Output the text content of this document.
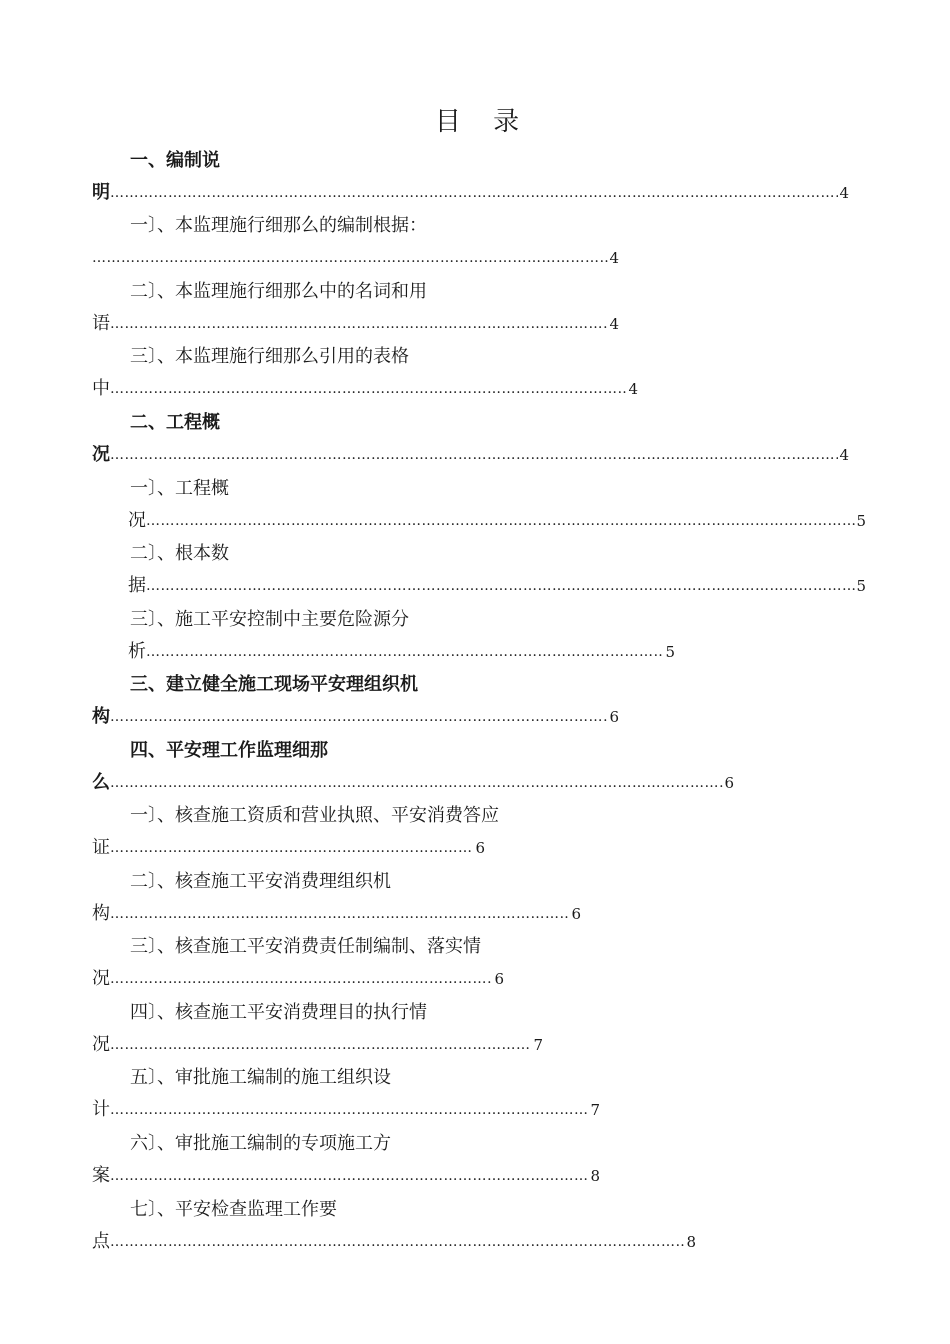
目 录
一、编制说
明 ………………………………………………………………………………………………………………………………………………………………………………………………………………………………………	4
一〕、本监理施行细那么的编制根据：
………………………………………………………………………………………………………………………………………………………………………………………………………………………………………
4
二〕、本监理施行细那么中的名词和用
语 ………………………………………………………………………………………………………………………………………………………………………………………………………………………………………	4
三〕、本监理施行细那么引用的表格
中 ………………………………………………………………………………………………………………………………………………………………………………………………………………………………………	4
二、工程概
况 ………………………………………………………………………………………………………………………………………………………………………………………………………………………………………	4
一〕、工程概
况 ………………………………………………………………………………………………………………………………………………………………………………………………………………………………………	5
二〕、根本数
据 ………………………………………………………………………………………………………………………………………………………………………………………………………………………………………	5
三〕、施工平安控制中主要危险源分
析 ………………………………………………………………………………………………………………………………………………………………………………………………………………………………………	5
三、建立健全施工现场平安理组织机
构 ………………………………………………………………………………………………………………………………………………………………………………………………………………………………………	6
四、平安理工作监理细那
么 ………………………………………………………………………………………………………………………………………………………………………………………………………………………………………	6
一〕、核查施工资质和营业执照、平安消费答应
证 ………………………………………………………………………………………………………………………………………………………………………………………………………………………………………	6
二〕、核查施工平安消费理组织机
构 ………………………………………………………………………………………………………………………………………………………………………………………………………………………………………	6
三〕、核查施工平安消费责任制编制、落实情
况 ………………………………………………………………………………………………………………………………………………………………………………………………………………………………………	6
四〕、核查施工平安消费理目的执行情
况 ………………………………………………………………………………………………………………………………………………………………………………………………………………………………………	7
五〕、审批施工编制的施工组织设
计 ………………………………………………………………………………………………………………………………………………………………………………………………………………………………………	7
六〕、审批施工编制的专项施工方
案 ………………………………………………………………………………………………………………………………………………………………………………………………………………………………………	8
七〕、平安检查监理工作要
点 ………………………………………………………………………………………………………………………………………………………………………………………………………………………………………	8
